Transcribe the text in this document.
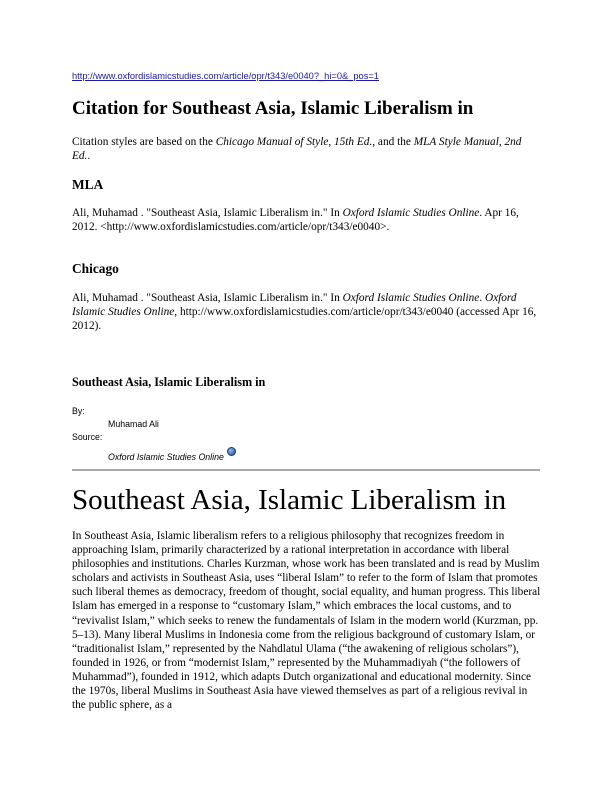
http://www.oxfordislamicstudies.com/article/opr/t343/e0040?_hi=0&_pos=1
Citation for Southeast Asia, Islamic Liberalism in

Citation styles are based on the Chicago Manual of Style, 15th Ed., and the MLA Style Manual, 2nd Ed..

MLA

Ali, Muhamad . "Southeast Asia, Islamic Liberalism in." In Oxford Islamic Studies Online. Apr 16, 2012. <http://www.oxfordislamicstudies.com/article/opr/t343/e0040>.

Chicago

Ali, Muhamad . "Southeast Asia, Islamic Liberalism in." In Oxford Islamic Studies Online. Oxford Islamic Studies Online, http://www.oxfordislamicstudies.com/article/opr/t343/e0040 (accessed Apr 16, 2012).

Southeast Asia, Islamic Liberalism in
By:
Muhamad Ali
Source:
Oxford Islamic Studies Online
Southeast Asia, Islamic Liberalism in

In Southeast Asia, Islamic liberalism refers to a religious philosophy that recognizes freedom in approaching Islam, primarily characterized by a rational interpretation in accordance with liberal philosophies and institutions. Charles Kurzman, whose work has been translated and is read by Muslim scholars and activists in Southeast Asia, uses “liberal Islam” to refer to the form of Islam that promotes such liberal themes as democracy, freedom of thought, social equality, and human progress. This liberal Islam has emerged in a response to “customary Islam,” which embraces the local customs, and to “revivalist Islam,” which seeks to renew the fundamentals of Islam in the modern world (Kurzman, pp. 5–13). Many liberal Muslims in Indonesia come from the religious background of customary Islam, or “traditionalist Islam,” represented by the Nahdlatul Ulama (“the awakening of religious scholars”), founded in 1926, or from “modernist Islam,” represented by the Muhammadiyah (“the followers of Muhammad”), founded in 1912, which adapts Dutch organizational and educational modernity. Since the 1970s, liberal Muslims in Southeast Asia have viewed themselves as part of a religious revival in the public sphere, as a
